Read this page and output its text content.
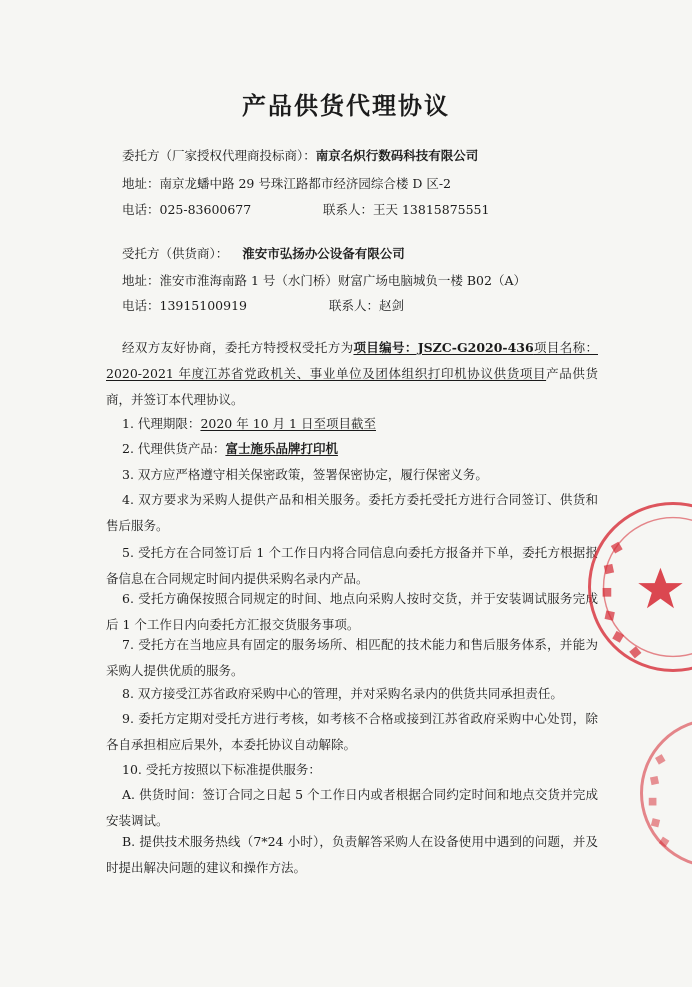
产品供货代理协议
委托方（厂家授权代理商投标商）：南京名炽行数码科技有限公司
地址：南京龙蟠中路 29 号珠江路都市经济园综合楼 D 区-2
电话：025-83600677	联系人：王天 13815875551
受托方（供货商）： 淮安市弘扬办公设备有限公司
地址：淮安市淮海南路 1 号（水门桥）财富广场电脑城负一楼 B02（A）
电话：13915100919	联系人：赵剑
经双方友好协商，委托方特授权受托方为项目编号：JSZC-G2020-436项目名称：2020-2021 年度江苏省党政机关、事业单位及团体组织打印机协议供货项目产品供货商，并签订本代理协议。
1. 代理期限：2020 年 10 月 1 日至项目截至
2. 代理供货产品：富士施乐品牌打印机
3. 双方应严格遵守相关保密政策，签署保密协定，履行保密义务。
4. 双方要求为采购人提供产品和相关服务。委托方委托受托方进行合同签订、供货和售后服务。
5. 受托方在合同签订后 1 个工作日内将合同信息向委托方报备并下单，委托方根据报备信息在合同规定时间内提供采购名录内产品。
6. 受托方确保按照合同规定的时间、地点向采购人按时交货，并于安装调试服务完成后 1 个工作日内向委托方汇报交货服务事项。
7. 受托方在当地应具有固定的服务场所、相匹配的技术能力和售后服务体系，并能为采购人提供优质的服务。
8. 双方接受江苏省政府采购中心的管理，并对采购名录内的供货共同承担责任。
9. 委托方定期对受托方进行考核，如考核不合格或接到江苏省政府采购中心处罚，除各自承担相应后果外，本委托协议自动解除。
10. 受托方按照以下标准提供服务：
A. 供货时间：签订合同之日起 5 个工作日内或者根据合同约定时间和地点交货并完成安装调试。
B. 提供技术服务热线（7*24 小时），负责解答采购人在设备使用中遇到的问题，并及时提出解决问题的建议和操作方法。
